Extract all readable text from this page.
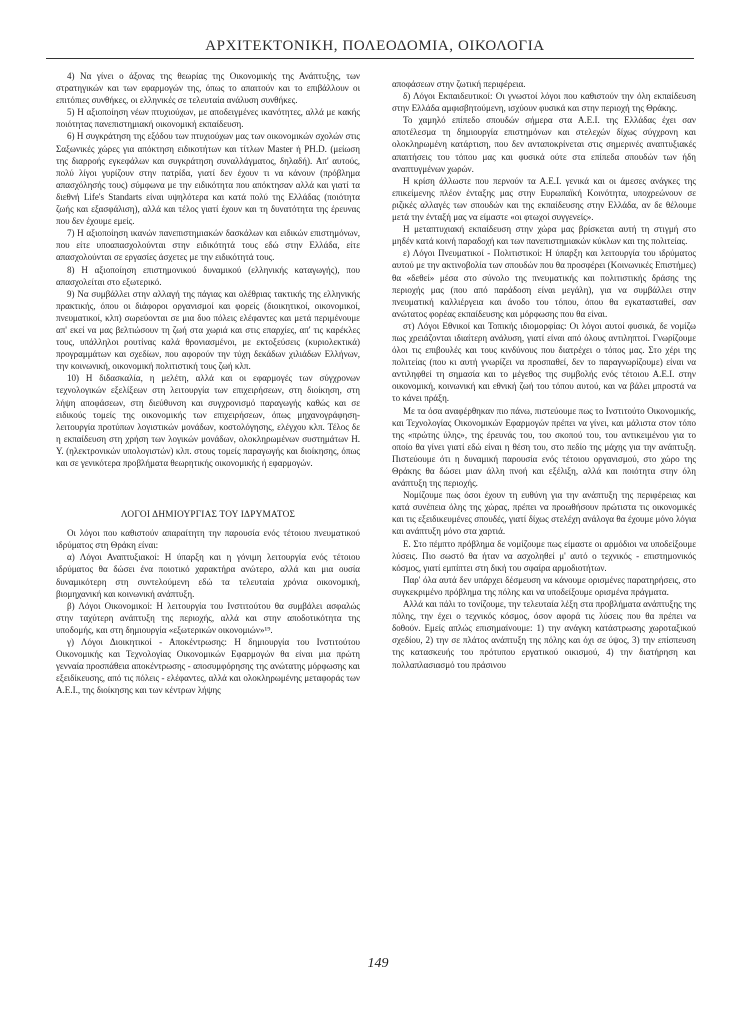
ΑΡΧΙΤΕΚΤΟΝΙΚΗ, ΠΟΛΕΟΔΟΜΙΑ, ΟΙΚΟΛΟΓΙΑ

4) Να γίνει ο άξονας της θεωρίας της Οικονομικής της Ανάπτυξης, των στρατηγικών και των εφαρμογών της, όπως το απαιτούν και το επιβάλλουν οι επιτόπιες συνθήκες, οι ελληνικές σε τελευταία ανάλυση συνθήκες.

5) Η αξιοποίηση νέων πτυχιούχων, με αποδειγμένες ικανότητες, αλλά με κακής ποιότητας πανεπιστημιακή οικονομική εκπαίδευση.

6) Η συγκράτηση της εξόδου των πτυχιούχων μας των οικονομικών σχολών στις Σαξωνικές χώρες για απόκτηση ειδικοτήτων και τίτλων Master ή PH.D. (μείωση της διαρροής εγκεφάλων και συγκράτηση συναλλάγματος, δηλαδή). Απ' αυτούς, πολύ λίγοι γυρίζουν στην πατρίδα, γιατί δεν έχουν τι να κάνουν (πρόβλημα απασχόλησής τους) σύμφωνα με την ειδικότητα που απόκτησαν αλλά και γιατί τα διεθνή Life's Standarts είναι υψηλότερα και κατά πολύ της Ελλάδας (ποιότητα ζωής και εξασφάλιση), αλλά και τέλος γιατί έχουν και τη δυνατότητα της έρευνας που δεν έχουμε εμείς.

7) Η αξιοποίηση ικανών πανεπιστημιακών δασκάλων και ειδικών επιστημόνων, που είτε υποαπασχολούνται στην ειδικότητά τους εδώ στην Ελλάδα, είτε απασχολούνται σε εργασίες άσχετες με την ειδικότητά τους.

8) Η αξιοποίηση επιστημονικού δυναμικού (ελληνικής καταγωγής), που απασχολείται στο εξωτερικό.

9) Να συμβάλλει στην αλλαγή της πάγιας και ολέθριας τακτικής της ελληνικής πρακτικής, όπου οι διάφοροι οργανισμοί και φορείς (διοικητικοί, οικονομικοί, πνευματικοί, κλπ) σωρεύονται σε μια δυο πόλεις ελέφαντες και μετά περιμένουμε απ' εκεί να μας βελτιώσουν τη ζωή στα χωριά και στις επαρχίες, απ' τις καρέκλες τους, υπάλληλοι ρουτίνας καλά θρονιασμένοι, με εκτοξεύσεις (κυριολεκτικά) προγραμμάτων και σχεδίων, που αφορούν την τύχη δεκάδων χιλιάδων Ελλήνων, την κοινωνική, οικονομική πολιτιστική τους ζωή κλπ.

10) Η διδασκαλία, η μελέτη, αλλά και οι εφαρμογές των σύγχρονων τεχνολογικών εξελίξεων στη λειτουργία των επιχειρήσεων, στη διοίκηση, στη λήψη αποφάσεων, στη διεύθυνση και συγχρονισμό παραγωγής καθώς και σε ειδικούς τομείς της οικονομικής των επιχειρήσεων, όπως μηχανογράφηση-λειτουργία προτύπων λογιστικών μονάδων, κοστολόγησης, ελέγχου κλπ. Τέλος δε η εκπαίδευση στη χρήση των λογικών μονάδων, ολοκληρωμένων συστημάτων Η. Υ. (ηλεκτρονικών υπολογιστών) κλπ. στους τομείς παραγωγής και διοίκησης, όπως και σε γενικότερα προβλήματα θεωρητικής οικονομικής ή εφαρμογών.

ΛΟΓΟΙ ΔΗΜΙΟΥΡΓΙΑΣ ΤΟΥ ΙΔΡΥΜΑΤΟΣ

Οι λόγοι που καθιστούν απαραίτητη την παρουσία ενός τέτοιου πνευματικού ιδρύματος στη Θράκη είναι:

α) Λόγοι Αναπτυξιακοί: Η ύπαρξη και η γόνιμη λειτουργία ενός τέτοιου ιδρύματος θα δώσει ένα ποιοτικό χαρακτήρα ανώτερο, αλλά και μια ουσία δυναμικότερη στη συντελούμενη εδώ τα τελευταία χρόνια οικονομική, βιομηχανική και κοινωνική ανάπτυξη.

β) Λόγοι Οικονομικοί: Η λειτουργία του Ινστιτούτου θα συμβάλει ασφαλώς στην ταχύτερη ανάπτυξη της περιοχής, αλλά και στην αποδοτικότητα της υποδομής, και στη δημιουργία «εξωτερικών οικονομιών»¹⁹.

γ) Λόγοι Διοικητικοί - Αποκέντρωσης: Η δημιουργία του Ινστιτούτου Οικονομικής και Τεχνολογίας Οικονομικών Εφαρμογών θα είναι μια πρώτη γενναία προσπάθεια αποκέντρωσης - αποσυμφόρησης της ανώτατης μόρφωσης και εξειδίκευσης, από τις πόλεις - ελέφαντες, αλλά και ολοκληρωμένης μεταφοράς των Α.Ε.Ι., της διοίκησης και των κέντρων λήψης

αποφάσεων στην ζωτική περιφέρεια.

δ) Λόγοι Εκπαιδευτικοί: Οι γνωστοί λόγοι που καθιστούν την όλη εκπαίδευση στην Ελλάδα αμφισβητούμενη, ισχύουν φυσικά και στην περιοχή της Θράκης.

Το χαμηλό επίπεδο σπουδών σήμερα στα Α.Ε.Ι. της Ελλάδας έχει σαν αποτέλεσμα τη δημιουργία επιστημόνων και στελεχών δίχως σύγχρονη και ολοκληρωμένη κατάρτιση, που δεν ανταποκρίνεται στις σημερινές αναπτυξιακές απαιτήσεις του τόπου μας και φυσικά ούτε στα επίπεδα σπουδών των ήδη αναπτυγμένων χωρών.

Η κρίση άλλωστε που περνούν τα Α.Ε.Ι. γενικά και οι άμεσες ανάγκες της επικείμενης πλέον ένταξης μας στην Ευρωπαϊκή Κοινότητα, υποχρεώνουν σε ριζικές αλλαγές των σπουδών και της εκπαίδευσης στην Ελλάδα, αν δε θέλουμε μετά την ένταξή μας να είμαστε «οι φτωχοί συγγενείς».

Η μεταπτυχιακή εκπαίδευση στην χώρα μας βρίσκεται αυτή τη στιγμή στο μηδέν κατά κοινή παραδοχή και των πανεπιστημιακών κύκλων και της πολιτείας.

ε) Λόγοι Πνευματικοί - Πολιτιστικοί: Η ύπαρξη και λειτουργία του ιδρύματος αυτού με την ακτινοβολία των σπουδών που θα προσφέρει (Κοινωνικές Επιστήμες) θα «δεθεί» μέσα στο σύνολο της πνευματικής και πολιτιστικής δράσης της περιοχής μας (που από παράδοση είναι μεγάλη), για να συμβάλλει στην πνευματική καλλιέργεια και άνοδο του τόπου, όπου θα εγκατασταθεί, σαν ανώτατος φορέας εκπαίδευσης και μόρφωσης που θα είναι.

στ) Λόγοι Εθνικοί και Τοπικής ιδιομορφίας: Οι λόγοι αυτοί φυσικά, δε νομίζω πως χρειάζονται ιδιαίτερη ανάλυση, γιατί είναι από όλους αντιληπτοί. Γνωρίζουμε όλοι τις επιβουλές και τους κινδύνους που διατρέχει ο τόπος μας. Στο χέρι της πολιτείας (που κι αυτή γνωρίζει να προσπαθεί, δεν το παραγνωρίζουμε) είναι να αντιληφθεί τη σημασία και το μέγεθος της συμβολής ενός τέτοιου Α.Ε.Ι. στην οικονομική, κοινωνική και εθνική ζωή του τόπου αυτού, και να βάλει μπροστά να το κάνει πράξη.

Με τα όσα αναφέρθηκαν πιο πάνω, πιστεύουμε πως το Ινστιτούτο Οικονομικής, και Τεχνολογίας Οικονομικών Εφαρμογών πρέπει να γίνει, και μάλιστα στον τόπο της «πρώτης ύλης», της έρευνάς του, του σκοπού του, του αντικειμένου για το οποίο θα γίνει γιατί εδώ είναι η θέση του, στο πεδίο της μάχης για την ανάπτυξη. Πιστεύουμε ότι η δυναμική παρουσία ενός τέτοιου οργανισμού, στο χώρο της Θράκης θα δώσει μιαν άλλη πνοή και εξέλιξη, αλλά και ποιότητα στην όλη ανάπτυξη της περιοχής.

Νομίζουμε πως όσοι έχουν τη ευθύνη για την ανάπτυξη της περιφέρειας και κατά συνέπεια όλης της χώρας, πρέπει να προωθήσουν πρώτιστα τις οικονομικές και τις εξειδικευμένες σπουδές, γιατί δίχως στελέχη ανάλογα θα έχουμε μόνο λόγια και ανάπτυξη μόνο στα χαρτιά.

Ε. Στο πέμπτο πρόβλημα δε νομίζουμε πως είμαστε οι αρμόδιοι να υποδείξουμε λύσεις. Πιο σωστό θα ήταν να ασχοληθεί μ' αυτό ο τεχνικός - επιστημονικός κόσμος, γιατί εμπίπτει στη δική του σφαίρα αρμοδιοτήτων.

Παρ' όλα αυτά δεν υπάρχει δέσμευση να κάνουμε ορισμένες παρατηρήσεις, στο συγκεκριμένο πρόβλημα της πόλης και να υποδείξουμε ορισμένα πράγματα.

Αλλά και πάλι το τονίζουμε, την τελευταία λέξη στα προβλήματα ανάπτυξης της πόλης, την έχει ο τεχνικός κόσμος, όσον αφορά τις λύσεις που θα πρέπει να δοθούν. Εμείς απλώς επισημαίνουμε: 1) την ανάγκη κατάστρωσης χωροταξικού σχεδίου, 2) την σε πλάτος ανάπτυξη της πόλης και όχι σε ύψος, 3) την επίσπευση της κατασκευής του πρότυπου εργατικού οικισμού, 4) την διατήρηση και πολλαπλασιασμό του πράσινου

149
